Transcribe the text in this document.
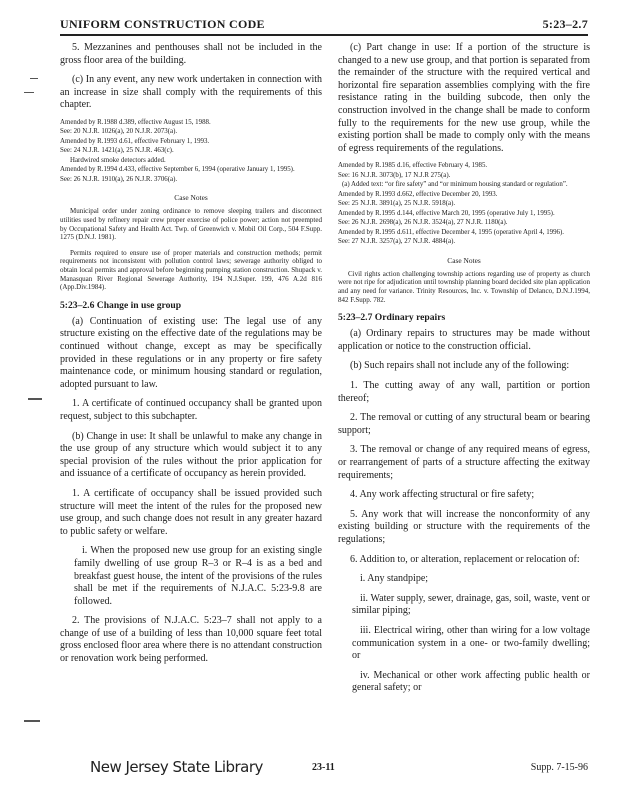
UNIFORM CONSTRUCTION CODE	5:23–2.7

5. Mezzanines and penthouses shall not be included in the gross floor area of the building.

(c) In any event, any new work undertaken in connection with an increase in size shall comply with the requirements of this chapter.

Amended by R.1988 d.389, effective August 15, 1988.

See: 20 N.J.R. 1026(a), 20 N.J.R. 2073(a).

Amended by R.1993 d.61, effective February 1, 1993.

See: 24 N.J.R. 1421(a), 25 N.J.R. 463(c).

Hardwired smoke detectors added.

Amended by R.1994 d.433, effective September 6, 1994 (operative January 1, 1995).

See: 26 N.J.R. 1910(a), 26 N.J.R. 3706(a).

Case Notes

Municipal order under zoning ordinance to remove sleeping trailers and disconnect utilities used by refinery repair crew proper exercise of police power; action not preempted by Occupational Safety and Health Act. Twp. of Greenwich v. Mobil Oil Corp., 504 F.Supp. 1275 (D.N.J. 1981).

Permits required to ensure use of proper materials and construction methods; permit requirements not inconsistent with pollution control laws; sewerage authority obliged to obtain local permits and approval before beginning pumping station construction. Shupack v. Manasquan River Regional Sewerage Authority, 194 N.J.Super. 199, 476 A.2d 816 (App.Div.1984).

5:23–2.6 Change in use group

(a) Continuation of existing use: The legal use of any structure existing on the effective date of the regulations may be continued without change, except as may be specifically provided in these regulations or in any property or fire safety maintenance code, or minimum housing standard or regulation, adopted pursuant to law.

1. A certificate of continued occupancy shall be granted upon request, subject to this subchapter.

(b) Change in use: It shall be unlawful to make any change in the use group of any structure which would subject it to any special provision of the rules without the prior application for and issuance of a certificate of occupancy as herein provided.

1. A certificate of occupancy shall be issued provided such structure will meet the intent of the rules for the proposed new use group, and such change does not result in any greater hazard to public safety or welfare.

i. When the proposed new use group for an existing single family dwelling of use group R–3 or R–4 is as a bed and breakfast guest house, the intent of the provisions of the rules shall be met if the requirements of N.J.A.C. 5:23-9.8 are followed.

2. The provisions of N.J.A.C. 5:23–7 shall not apply to a change of use of a building of less than 10,000 square feet total gross enclosed floor area where there is no attendant construction or renovation work being performed.

(c) Part change in use: If a portion of the structure is changed to a new use group, and that portion is separated from the remainder of the structure with the required vertical and horizontal fire separation assemblies complying with the fire resistance rating in the building subcode, then only the construction involved in the change shall be made to conform fully to the requirements for the new use group, while the existing portion shall be made to comply only with the means of egress requirements of the regulations.

Amended by R.1985 d.16, effective February 4, 1985.

See: 16 N.J.R. 3073(b), 17 N.J.R 275(a).

(a) Added text: “or fire safety” and “or minimum housing standard or regulation”.

Amended by R.1993 d.662, effective December 20, 1993.

See: 25 N.J.R. 3891(a), 25 N.J.R. 5918(a).

Amended by R.1995 d.144, effective March 20, 1995 (operative July 1, 1995).

See: 26 N.J.R. 2698(a), 26 N.J.R. 3524(a), 27 N.J.R. 1180(a).

Amended by R.1995 d.611, effective December 4, 1995 (operative April 4, 1996).

See: 27 N.J.R. 3257(a), 27 N.J.R. 4884(a).

Case Notes

Civil rights action challenging township actions regarding use of property as church were not ripe for adjudication until township planning board decided site plan application and any need for variance. Trinity Resources, Inc. v. Township of Delanco, D.N.J.1994, 842 F.Supp. 782.

5:23–2.7 Ordinary repairs

(a) Ordinary repairs to structures may be made without application or notice to the construction official.

(b) Such repairs shall not include any of the following:

1. The cutting away of any wall, partition or portion thereof;

2. The removal or cutting of any structural beam or bearing support;

3. The removal or change of any required means of egress, or rearrangement of parts of a structure affecting the exitway requirements;

4. Any work affecting structural or fire safety;

5. Any work that will increase the nonconformity of any existing building or structure with the requirements of the regulations;

6. Addition to, or alteration, replacement or relocation of:

i. Any standpipe;

ii. Water supply, sewer, drainage, gas, soil, waste, vent or similar piping;

iii. Electrical wiring, other than wiring for a low voltage communication system in a one- or two-family dwelling; or

iv. Mechanical or other work affecting public health or general safety; or

New Jersey State Library	23-11	Supp. 7-15-96
